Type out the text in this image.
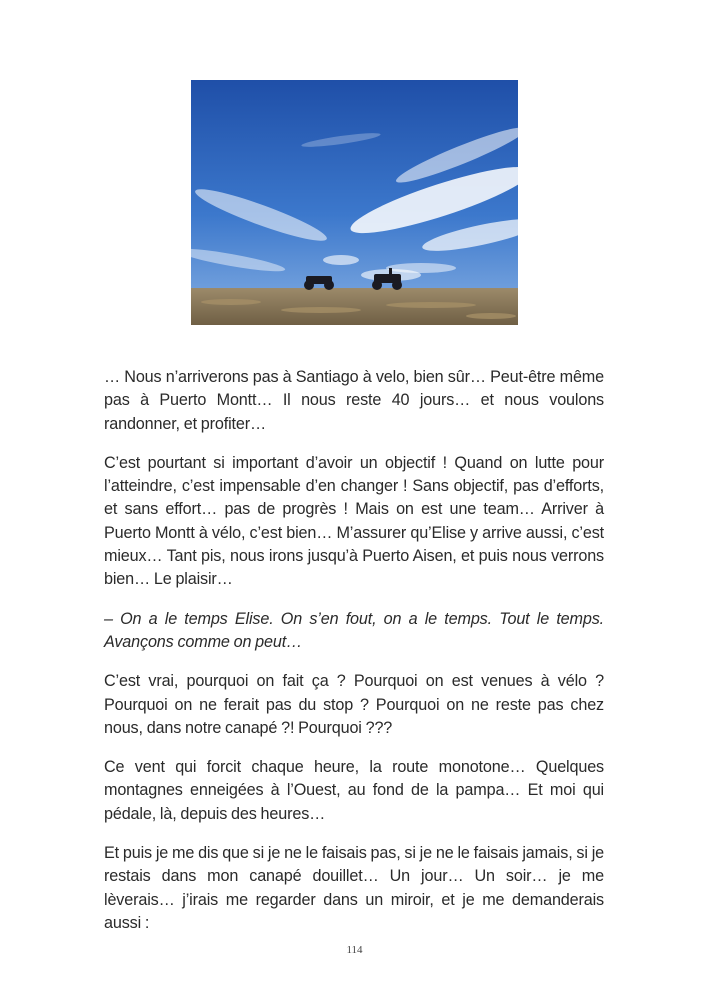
… Nous n’arriverons pas à Santiago à velo, bien sûr… Peut-être même pas à Puerto Montt… Il nous reste 40 jours… et nous voulons randonner, et profiter…

C’est pourtant si important d’avoir un objectif ! Quand on lutte pour l’atteindre, c’est impensable d’en changer ! Sans objectif, pas d’efforts, et sans effort… pas de progrès ! Mais on est une team… Arriver à Puerto Montt à vélo, c’est bien… M’assurer qu’Elise y arrive aussi, c’est mieux… Tant pis, nous irons jusqu’à Puerto Aisen, et puis nous verrons bien… Le plaisir…

– On a le temps Elise. On s’en fout, on a le temps. Tout le temps. Avançons comme on peut…

C’est vrai, pourquoi on fait ça ? Pourquoi on est venues à vélo ? Pourquoi on ne ferait pas du stop ? Pourquoi on ne reste pas chez nous, dans notre canapé ?! Pourquoi ???

Ce vent qui forcit chaque heure, la route monotone… Quelques montagnes enneigées à l’Ouest, au fond de la pampa… Et moi qui pédale, là, depuis des heures…

Et puis je me dis que si je ne le faisais pas, si je ne le faisais jamais, si je restais dans mon canapé douillet… Un jour… Un soir… je me lèverais… j’irais me regarder dans un miroir, et je me demanderais aussi :

114
